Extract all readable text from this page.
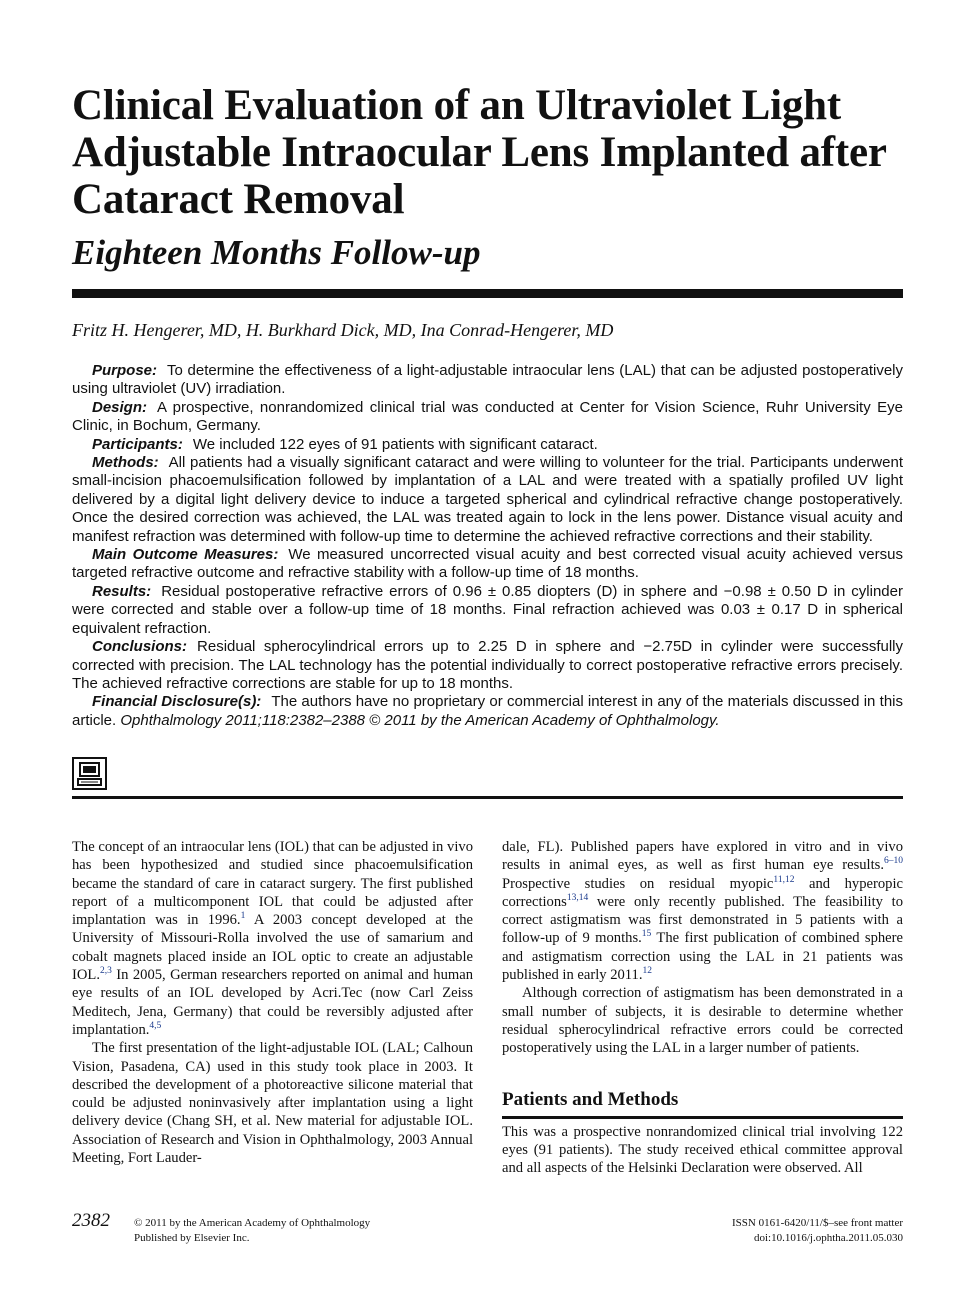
Clinical Evaluation of an Ultraviolet Light Adjustable Intraocular Lens Implanted after Cataract Removal
Eighteen Months Follow-up
Fritz H. Hengerer, MD, H. Burkhard Dick, MD, Ina Conrad-Hengerer, MD

Purpose: To determine the effectiveness of a light-adjustable intraocular lens (LAL) that can be adjusted postoperatively using ultraviolet (UV) irradiation.

Design: A prospective, nonrandomized clinical trial was conducted at Center for Vision Science, Ruhr University Eye Clinic, in Bochum, Germany.

Participants: We included 122 eyes of 91 patients with significant cataract.

Methods: All patients had a visually significant cataract and were willing to volunteer for the trial. Participants underwent small-incision phacoemulsification followed by implantation of a LAL and were treated with a spatially profiled UV light delivered by a digital light delivery device to induce a targeted spherical and cylindrical refractive change postoperatively. Once the desired correction was achieved, the LAL was treated again to lock in the lens power. Distance visual acuity and manifest refraction was determined with follow-up time to determine the achieved refractive corrections and their stability.

Main Outcome Measures: We measured uncorrected visual acuity and best corrected visual acuity achieved versus targeted refractive outcome and refractive stability with a follow-up time of 18 months.

Results: Residual postoperative refractive errors of 0.96 ± 0.85 diopters (D) in sphere and −0.98 ± 0.50 D in cylinder were corrected and stable over a follow-up time of 18 months. Final refraction achieved was 0.03 ± 0.17 D in spherical equivalent refraction.

Conclusions: Residual spherocylindrical errors up to 2.25 D in sphere and −2.75D in cylinder were successfully corrected with precision. The LAL technology has the potential individually to correct postoperative refractive errors precisely. The achieved refractive corrections are stable for up to 18 months.

Financial Disclosure(s): The authors have no proprietary or commercial interest in any of the materials discussed in this article. Ophthalmology 2011;118:2382–2388 © 2011 by the American Academy of Ophthalmology.

The concept of an intraocular lens (IOL) that can be adjusted in vivo has been hypothesized and studied since phacoemulsification became the standard of care in cataract surgery. The first published report of a multicomponent IOL that could be adjusted after implantation was in 1996.$^1$ A 2003 concept developed at the University of Missouri-Rolla involved the use of samarium and cobalt magnets placed inside an IOL optic to create an adjustable IOL.$^{2,3}$ In 2005, German researchers reported on animal and human eye results of an IOL developed by Acri.Tec (now Carl Zeiss Meditech, Jena, Germany) that could be reversibly adjusted after implantation.$^{4,5}$

The first presentation of the light-adjustable IOL (LAL; Calhoun Vision, Pasadena, CA) used in this study took place in 2003. It described the development of a photoreactive silicone material that could be adjusted noninvasively after implantation using a light delivery device (Chang SH, et al. New material for adjustable IOL. Association of Research and Vision in Ophthalmology, 2003 Annual Meeting, Fort Lauder-

dale, FL). Published papers have explored in vitro and in vivo results in animal eyes, as well as first human eye results.$^{6-10}$ Prospective studies on residual myopic$^{11,12}$ and hyperopic corrections$^{13,14}$ were only recently published. The feasibility to correct astigmatism was first demonstrated in 5 patients with a follow-up of 9 months.$^{15}$ The first publication of combined sphere and astigmatism correction using the LAL in 21 patients was published in early 2011.12

Although correction of astigmatism has been demonstrated in a small number of subjects, it is desirable to determine whether residual spherocylindrical refractive errors could be corrected postoperatively using the LAL in a larger number of patients.

Patients and Methods

This was a prospective nonrandomized clinical trial involving 122 eyes (91 patients). The study received ethical committee approval and all aspects of the Helsinki Declaration were observed. All

2382 © 2011 by the American Academy of Ophthalmology
Published by Elsevier Inc.
ISSN 0161-6420/11/$–see front matter
doi:10.1016/j.ophtha.2011.05.030
